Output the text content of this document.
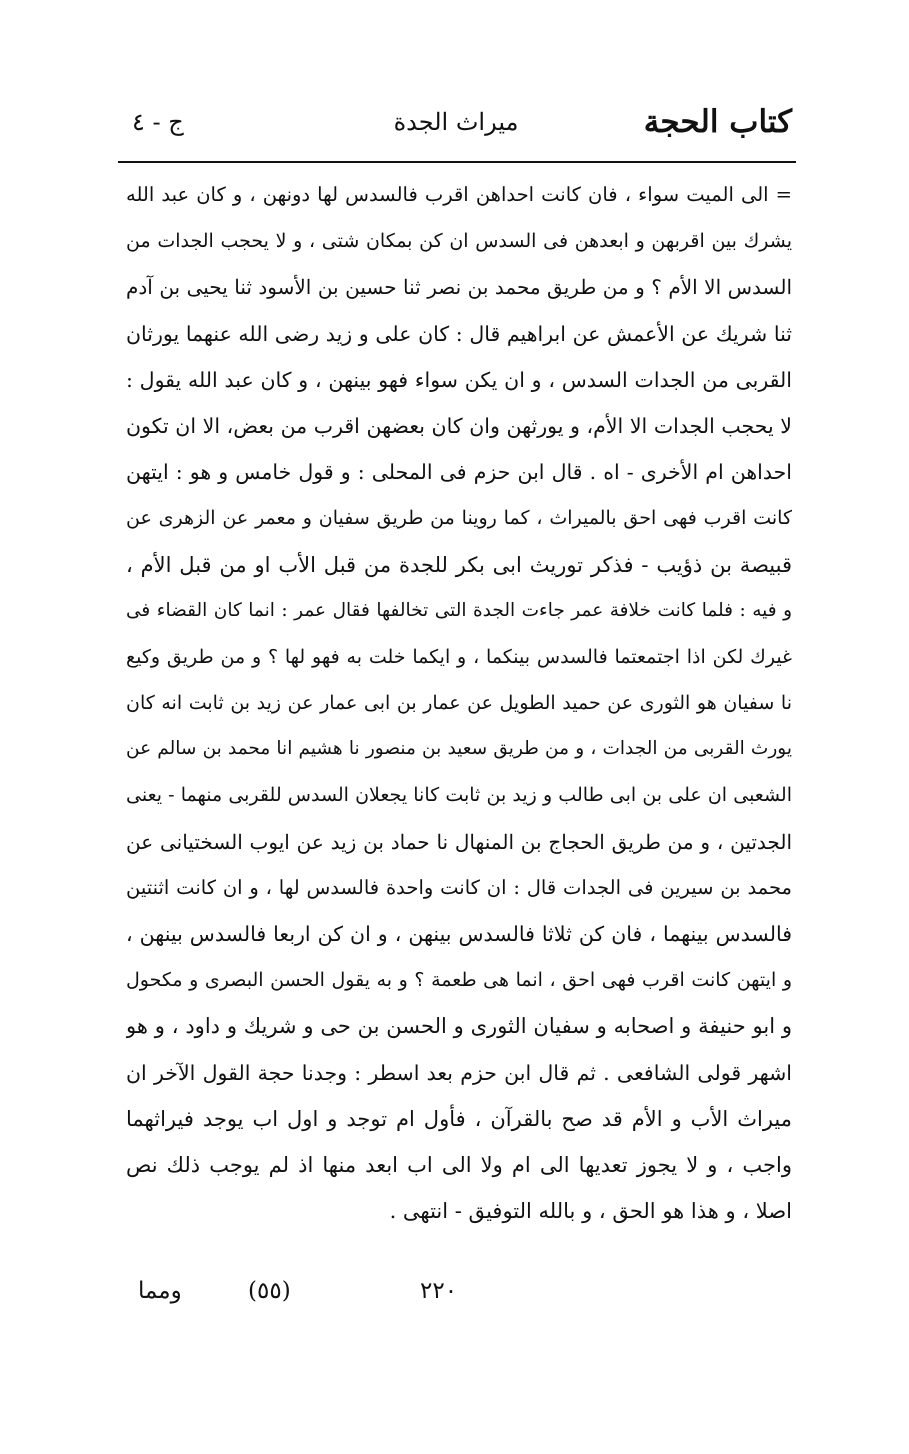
كتاب الحجة
ميراث الجدة
ج - ٤
= الى الميت سواء ، فان كانت احداهن اقرب فالسدس لها دونهن ، و كان عبد الله
يشرك بين اقربهن و ابعدهن فى السدس ان كن بمكان شتى ، و لا يحجب الجدات من
السدس الا الأم ؟ و من طريق محمد بن نصر ثنا حسين بن الأسود ثنا يحيى بن آدم
ثنا شريك عن الأعمش عن ابراهيم قال : كان على و زيد رضى الله عنهما يورثان
القربى من الجدات السدس ، و ان يكن سواء فهو بينهن ، و كان عبد الله يقول :
لا يحجب الجدات الا الأم، و يورثهن وان كان بعضهن اقرب من بعض، الا ان تكون
احداهن ام الأخرى - اه . قال ابن حزم فى المحلى : و قول خامس و هو : ايتهن
كانت اقرب فهى احق بالميراث ، كما روينا من طريق سفيان و معمر عن الزهرى عن
قبيصة بن ذؤيب - فذكر توريث ابى بكر للجدة من قبل الأب او من قبل الأم ،
و فيه : فلما كانت خلافة عمر جاءت الجدة التى تخالفها فقال عمر : انما كان القضاء فى
غيرك لكن اذا اجتمعتما فالسدس بينكما ، و ايكما خلت به فهو لها ؟ و من طريق وكيع
نا سفيان هو الثورى عن حميد الطويل عن عمار بن ابى عمار عن زيد بن ثابت انه كان
يورث القربى من الجدات ، و من طريق سعيد بن منصور نا هشيم انا محمد بن سالم عن
الشعبى ان على بن ابى طالب و زيد بن ثابت كانا يجعلان السدس للقربى منهما - يعنى
الجدتين ، و من طريق الحجاج بن المنهال نا حماد بن زيد عن ايوب السختيانى عن
محمد بن سيرين فى الجدات قال : ان كانت واحدة فالسدس لها ، و ان كانت اثنتين
فالسدس بينهما ، فان كن ثلاثا فالسدس بينهن ، و ان كن اربعا فالسدس بينهن ،
و ايتهن كانت اقرب فهى احق ، انما هى طعمة ؟ و به يقول الحسن البصرى و مكحول
و ابو حنيفة و اصحابه و سفيان الثورى و الحسن بن حى و شريك و داود ، و هو
اشهر قولى الشافعى . ثم قال ابن حزم بعد اسطر : وجدنا حجة القول الآخر ان
ميراث الأب و الأم قد صح بالقرآن ، فأول ام توجد و اول اب يوجد فيراثهما
واجب ، و لا يجوز تعديها الى ام ولا الى اب ابعد منها اذ لم يوجب ذلك نص
اصلا ، و هذا هو الحق ، و بالله التوفيق - انتهى .
٢٢٠
(٥٥)
ومما
